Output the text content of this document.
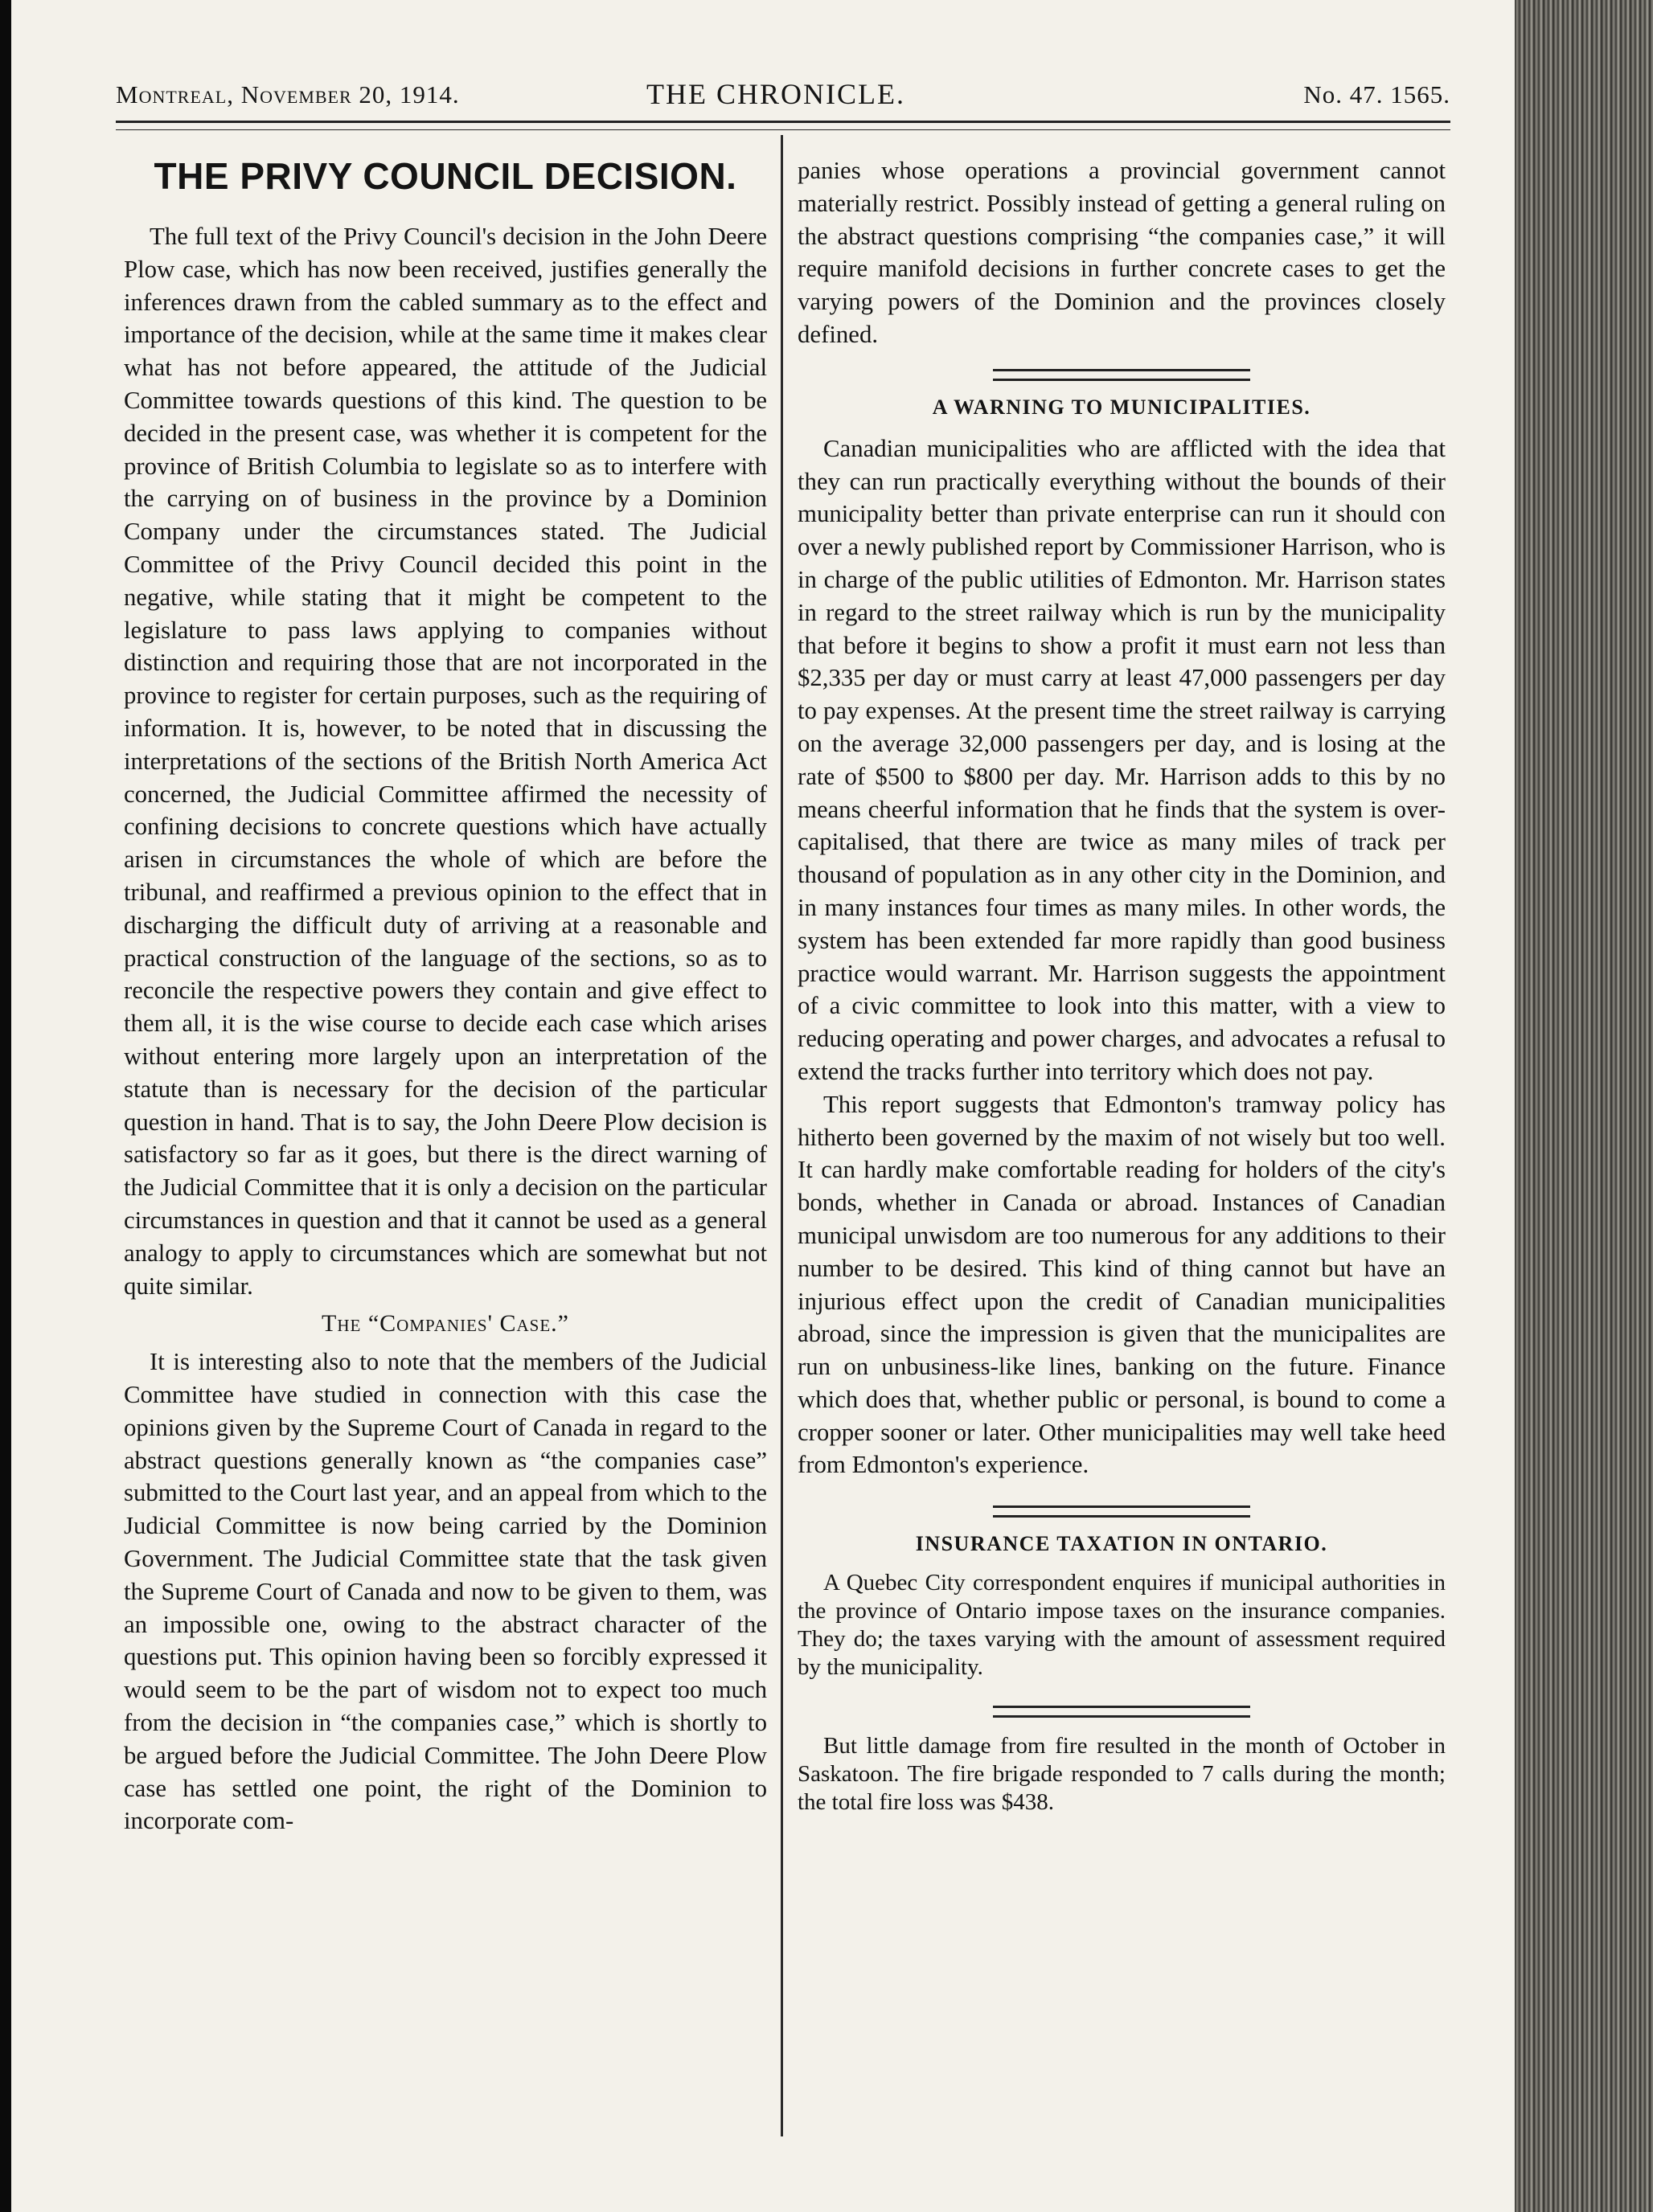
Montreal, November 20, 1914.	THE CHRONICLE.	No. 47. 1565.
THE PRIVY COUNCIL DECISION.

The full text of the Privy Council's decision in the John Deere Plow case, which has now been received, justifies generally the inferences drawn from the cabled summary as to the effect and importance of the decision, while at the same time it makes clear what has not before appeared, the attitude of the Judicial Committee towards questions of this kind. The question to be decided in the present case, was whether it is competent for the province of British Columbia to legislate so as to interfere with the carrying on of business in the province by a Dominion Company under the circumstances stated. The Judicial Committee of the Privy Council decided this point in the negative, while stating that it might be competent to the legislature to pass laws applying to companies without distinction and requiring those that are not incorporated in the province to register for certain purposes, such as the requiring of information. It is, however, to be noted that in discussing the interpretations of the sections of the British North America Act concerned, the Judicial Committee affirmed the necessity of confining decisions to concrete questions which have actually arisen in circumstances the whole of which are before the tribunal, and reaffirmed a previous opinion to the effect that in discharging the difficult duty of arriving at a reasonable and practical construction of the language of the sections, so as to reconcile the respective powers they contain and give effect to them all, it is the wise course to decide each case which arises without entering more largely upon an interpretation of the statute than is necessary for the decision of the particular question in hand. That is to say, the John Deere Plow decision is satisfactory so far as it goes, but there is the direct warning of the Judicial Committee that it is only a decision on the particular circumstances in question and that it cannot be used as a general analogy to apply to circumstances which are somewhat but not quite similar.

The “Companies' Case.”

It is interesting also to note that the members of the Judicial Committee have studied in connection with this case the opinions given by the Supreme Court of Canada in regard to the abstract questions generally known as “the companies case” submitted to the Court last year, and an appeal from which to the Judicial Committee is now being carried by the Dominion Government. The Judicial Committee state that the task given the Supreme Court of Canada and now to be given to them, was an impossible one, owing to the abstract character of the questions put. This opinion having been so forcibly expressed it would seem to be the part of wisdom not to expect too much from the decision in “the companies case,” which is shortly to be argued before the Judicial Committee. The John Deere Plow case has settled one point, the right of the Dominion to incorporate com-

panies whose operations a provincial government cannot materially restrict. Possibly instead of getting a general ruling on the abstract questions comprising “the companies case,” it will require manifold decisions in further concrete cases to get the varying powers of the Dominion and the provinces closely defined.

A WARNING TO MUNICIPALITIES.

Canadian municipalities who are afflicted with the idea that they can run practically everything without the bounds of their municipality better than private enterprise can run it should con over a newly published report by Commissioner Harrison, who is in charge of the public utilities of Edmonton. Mr. Harrison states in regard to the street railway which is run by the municipality that before it begins to show a profit it must earn not less than $2,335 per day or must carry at least 47,000 passengers per day to pay expenses. At the present time the street railway is carrying on the average 32,000 passengers per day, and is losing at the rate of $500 to $800 per day. Mr. Harrison adds to this by no means cheerful information that he finds that the system is over-capitalised, that there are twice as many miles of track per thousand of population as in any other city in the Dominion, and in many instances four times as many miles. In other words, the system has been extended far more rapidly than good business practice would warrant. Mr. Harrison suggests the appointment of a civic committee to look into this matter, with a view to reducing operating and power charges, and advocates a refusal to extend the tracks further into territory which does not pay.

This report suggests that Edmonton's tramway policy has hitherto been governed by the maxim of not wisely but too well. It can hardly make comfortable reading for holders of the city's bonds, whether in Canada or abroad. Instances of Canadian municipal unwisdom are too numerous for any additions to their number to be desired. This kind of thing cannot but have an injurious effect upon the credit of Canadian municipalities abroad, since the impression is given that the municipalites are run on unbusiness-like lines, banking on the future. Finance which does that, whether public or personal, is bound to come a cropper sooner or later. Other municipalities may well take heed from Edmonton's experience.

INSURANCE TAXATION IN ONTARIO.

A Quebec City correspondent enquires if municipal authorities in the province of Ontario impose taxes on the insurance companies. They do; the taxes varying with the amount of assessment required by the municipality.

But little damage from fire resulted in the month of October in Saskatoon. The fire brigade responded to 7 calls during the month; the total fire loss was $438.
